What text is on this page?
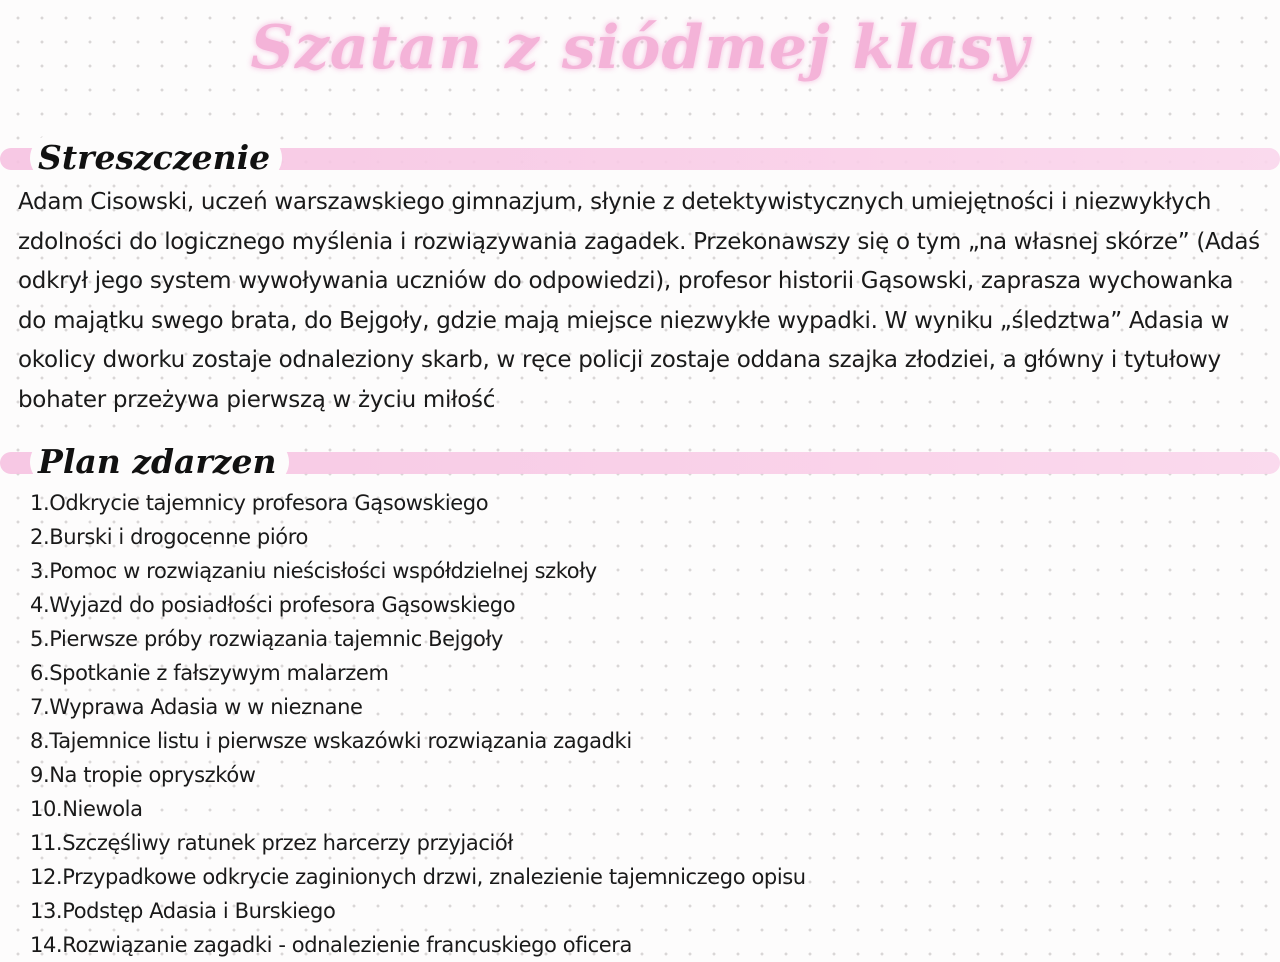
Szatan z siódmej klasy
Streszczenie

Adam Cisowski, uczeń warszawskiego gimnazjum, słynie z detektywistycznych umiejętności i niezwykłych zdolności do logicznego myślenia i rozwiązywania zagadek. Przekonawszy się o tym „na własnej skórze” (Adaś odkrył jego system wywoływania uczniów do odpowiedzi), profesor historii Gąsowski, zaprasza wychowanka do majątku swego brata, do Bejgoły, gdzie mają miejsce niezwykłe wypadki. W wyniku „śledztwa” Adasia w okolicy dworku zostaje odnaleziony skarb, w ręce policji zostaje oddana szajka złodziei, a główny i tytułowy bohater przeżywa pierwszą w życiu miłość

Plan zdarzen
1.Odkrycie tajemnicy profesora Gąsowskiego
2.Burski i drogocenne pióro
3.Pomoc w rozwiązaniu nieścisłości współdzielnej szkoły
4.Wyjazd do posiadłości profesora Gąsowskiego
5.Pierwsze próby rozwiązania tajemnic Bejgoły
6.Spotkanie z fałszywym malarzem
7.Wyprawa Adasia w w nieznane
8.Tajemnice listu i pierwsze wskazówki rozwiązania zagadki
9.Na tropie opryszków
10.Niewola
11.Szczęśliwy ratunek przez harcerzy przyjaciół
12.Przypadkowe odkrycie zaginionych drzwi, znalezienie tajemniczego opisu
13.Podstęp Adasia i Burskiego
14.Rozwiązanie zagadki - odnalezienie francuskiego oficera
